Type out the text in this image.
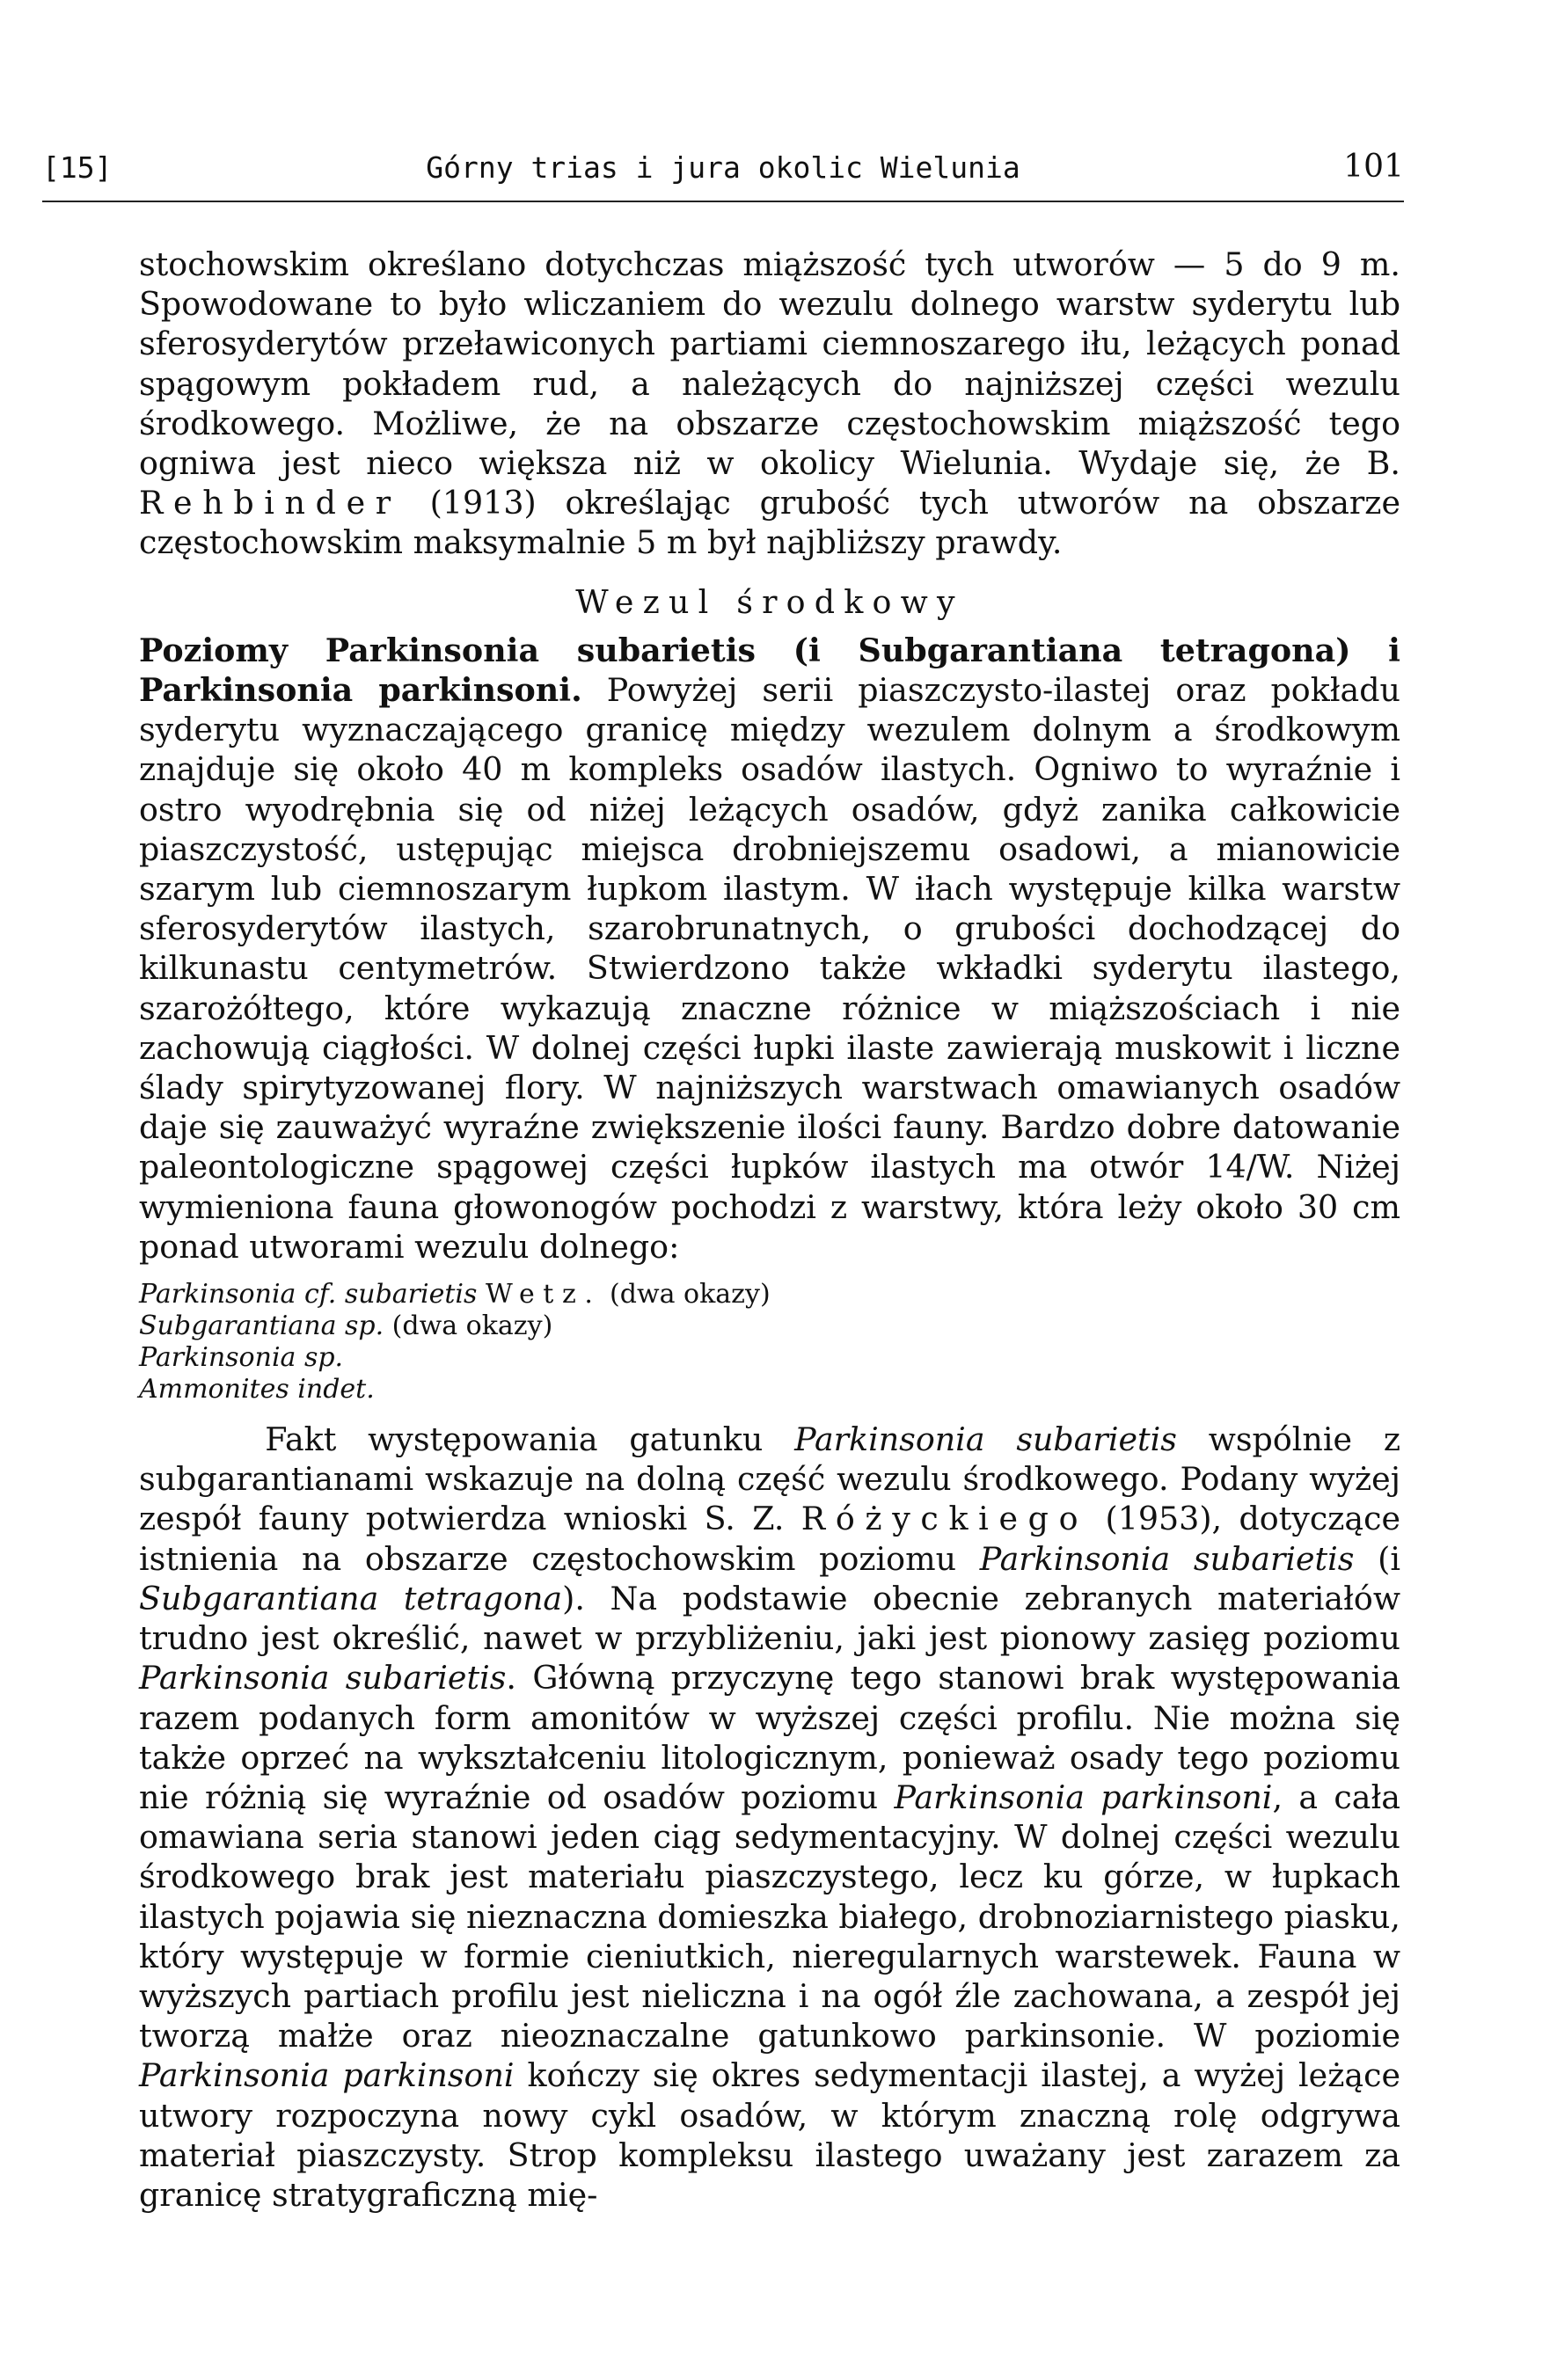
[15]	Górny trias i jura okolic Wielunia	101

stochowskim określano dotychczas miąższość tych utworów — 5 do 9 m. Spowodowane to było wliczaniem do wezulu dolnego warstw syderytu lub sferosyderytów przeławiconych partiami ciemnoszarego iłu, leżących ponad spągowym pokładem rud, a należących do najniższej części wezulu środkowego. Możliwe, że na obszarze częstochowskim miąższość tego ogniwa jest nieco większa niż w okolicy Wielunia. Wydaje się, że B. Rehbinder (1913) określając grubość tych utworów na obszarze częstochowskim maksymalnie 5 m był najbliższy prawdy.

Wezul środkowy

Poziomy Parkinsonia subarietis (i Subgarantiana tetragona) i Parkinsonia parkinsoni. Powyżej serii piaszczysto-ilastej oraz pokładu syderytu wyznaczającego granicę między wezulem dolnym a środkowym znajduje się około 40 m kompleks osadów ilastych. Ogniwo to wyraźnie i ostro wyodrębnia się od niżej leżących osadów, gdyż zanika całkowicie piaszczystość, ustępując miejsca drobniejszemu osadowi, a mianowicie szarym lub ciemnoszarym łupkom ilastym. W iłach występuje kilka warstw sferosyderytów ilastych, szarobrunatnych, o grubości dochodzącej do kilkunastu centymetrów. Stwierdzono także wkładki syderytu ilastego, szarożółtego, które wykazują znaczne różnice w miąższościach i nie zachowują ciągłości. W dolnej części łupki ilaste zawierają muskowit i liczne ślady spirytyzowanej flory. W najniższych warstwach omawianych osadów daje się zauważyć wyraźne zwiększenie ilości fauny. Bardzo dobre datowanie paleontologiczne spągowej części łupków ilastych ma otwór 14/W. Niżej wymieniona fauna głowonogów pochodzi z warstwy, która leży około 30 cm ponad utworami wezulu dolnego:

Parkinsonia cf. subarietis Wetz. (dwa okazy)
Subgarantiana sp. (dwa okazy)
Parkinsonia sp.
Ammonites indet.

Fakt występowania gatunku Parkinsonia subarietis wspólnie z subgarantianami wskazuje na dolną część wezulu środkowego. Podany wyżej zespół fauny potwierdza wnioski S. Z. Różyckiego (1953), dotyczące istnienia na obszarze częstochowskim poziomu Parkinsonia subarietis (i Subgarantiana tetragona). Na podstawie obecnie zebranych materiałów trudno jest określić, nawet w przybliżeniu, jaki jest pionowy zasięg poziomu Parkinsonia subarietis. Główną przyczynę tego stanowi brak występowania razem podanych form amonitów w wyższej części profilu. Nie można się także oprzeć na wykształceniu litologicznym, ponieważ osady tego poziomu nie różnią się wyraźnie od osadów poziomu Parkinsonia parkinsoni, a cała omawiana seria stanowi jeden ciąg sedymentacyjny. W dolnej części wezulu środkowego brak jest materiału piaszczystego, lecz ku górze, w łupkach ilastych pojawia się nieznaczna domieszka białego, drobnoziarnistego piasku, który występuje w formie cieniutkich, nieregularnych warstewek. Fauna w wyższych partiach profilu jest nieliczna i na ogół źle zachowana, a zespół jej tworzą małże oraz nieoznaczalne gatunkowo parkinsonie. W poziomie Parkinsonia parkinsoni kończy się okres sedymentacji ilastej, a wyżej leżące utwory rozpoczyna nowy cykl osadów, w którym znaczną rolę odgrywa materiał piaszczysty. Strop kompleksu ilastego uważany jest zarazem za granicę stratygraficzną mię-
